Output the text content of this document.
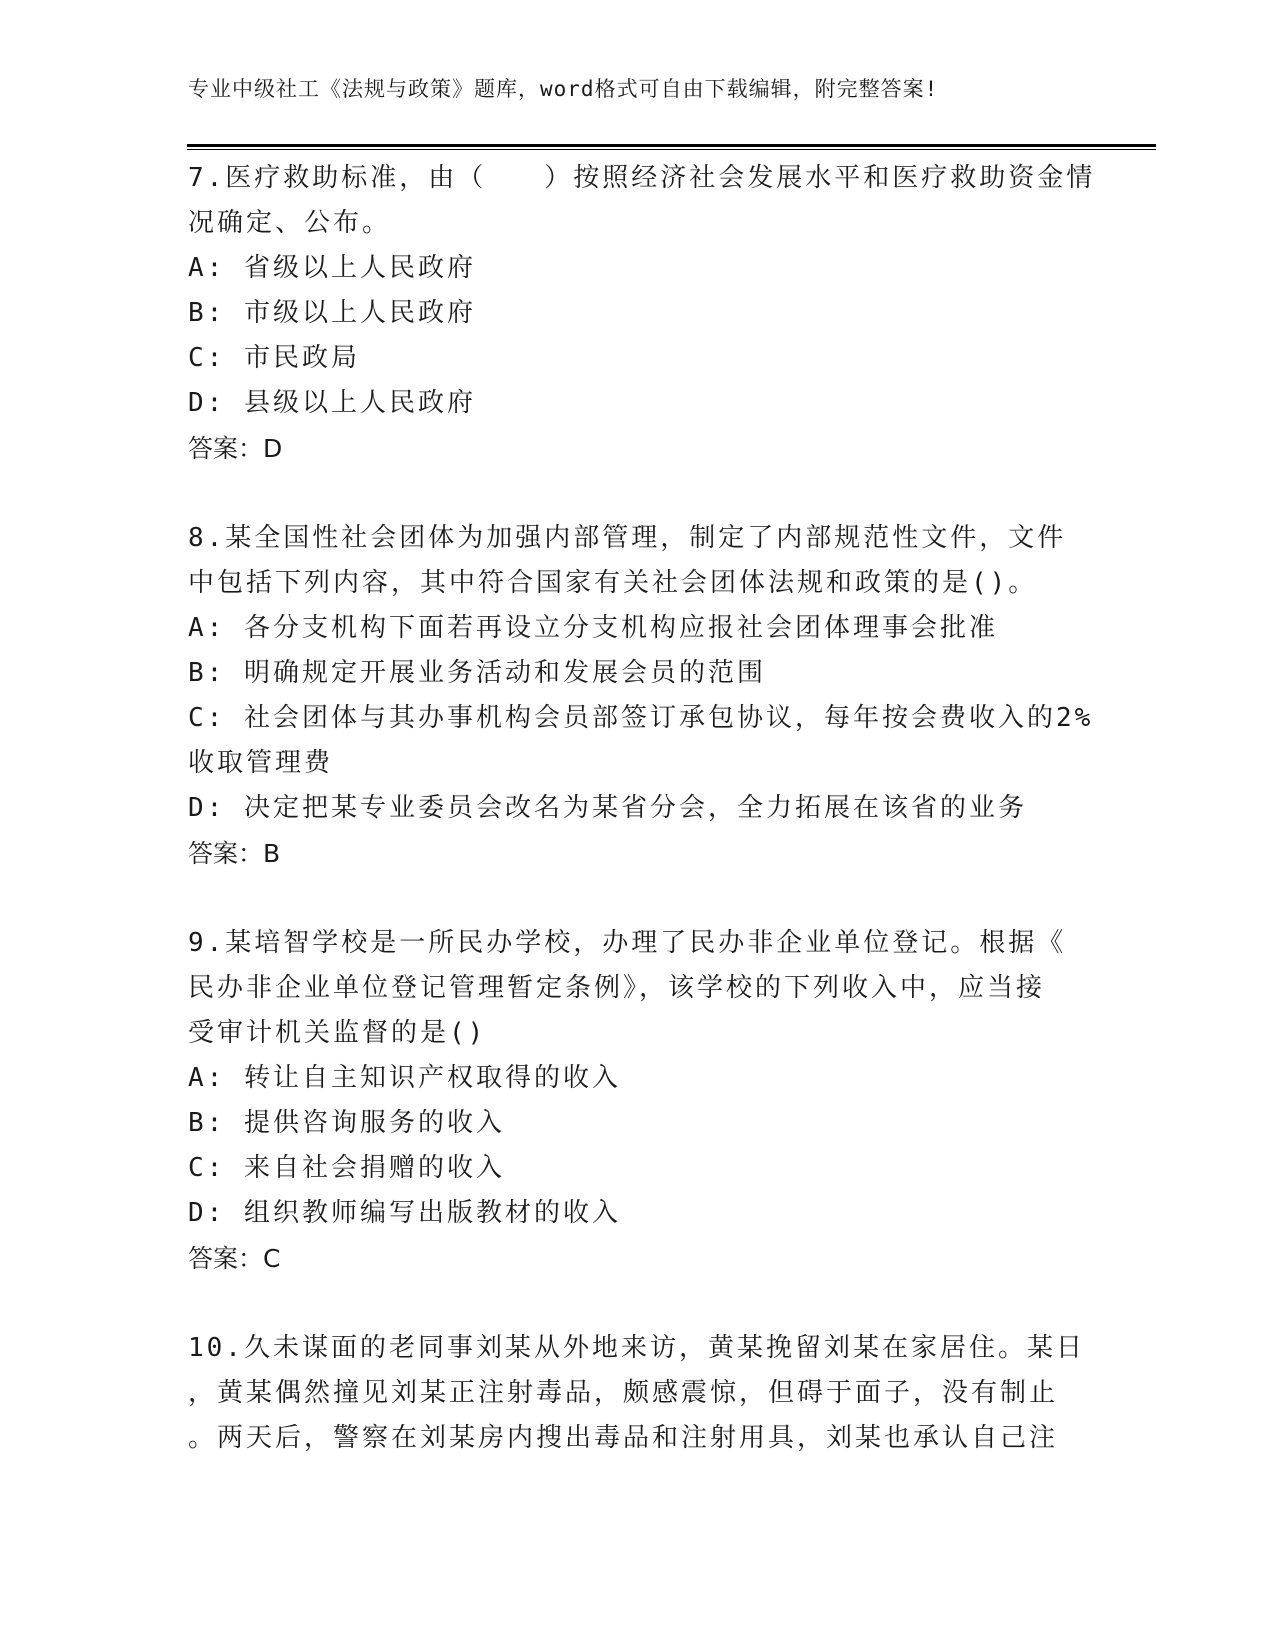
专业中级社工《法规与政策》题库，word格式可自由下载编辑，附完整答案!
7.医疗救助标准，由（　　）按照经济社会发展水平和医疗救助资金情
况确定、公布。
A: 省级以上人民政府
B: 市级以上人民政府
C: 市民政局
D: 县级以上人民政府
答案：D
8.某全国性社会团体为加强内部管理，制定了内部规范性文件，文件
中包括下列内容，其中符合国家有关社会团体法规和政策的是()。
A: 各分支机构下面若再设立分支机构应报社会团体理事会批准
B: 明确规定开展业务活动和发展会员的范围
C: 社会团体与其办事机构会员部签订承包协议，每年按会费收入的2%
收取管理费
D: 决定把某专业委员会改名为某省分会，全力拓展在该省的业务
答案：B
9.某培智学校是一所民办学校，办理了民办非企业单位登记。根据《
民办非企业单位登记管理暂定条例》，该学校的下列收入中，应当接
受审计机关监督的是()
A: 转让自主知识产权取得的收入
B: 提供咨询服务的收入
C: 来自社会捐赠的收入
D: 组织教师编写出版教材的收入
答案：C
10.久未谋面的老同事刘某从外地来访，黄某挽留刘某在家居住。某日
，黄某偶然撞见刘某正注射毒品，颇感震惊，但碍于面子，没有制止
。两天后，警察在刘某房内搜出毒品和注射用具，刘某也承认自己注
